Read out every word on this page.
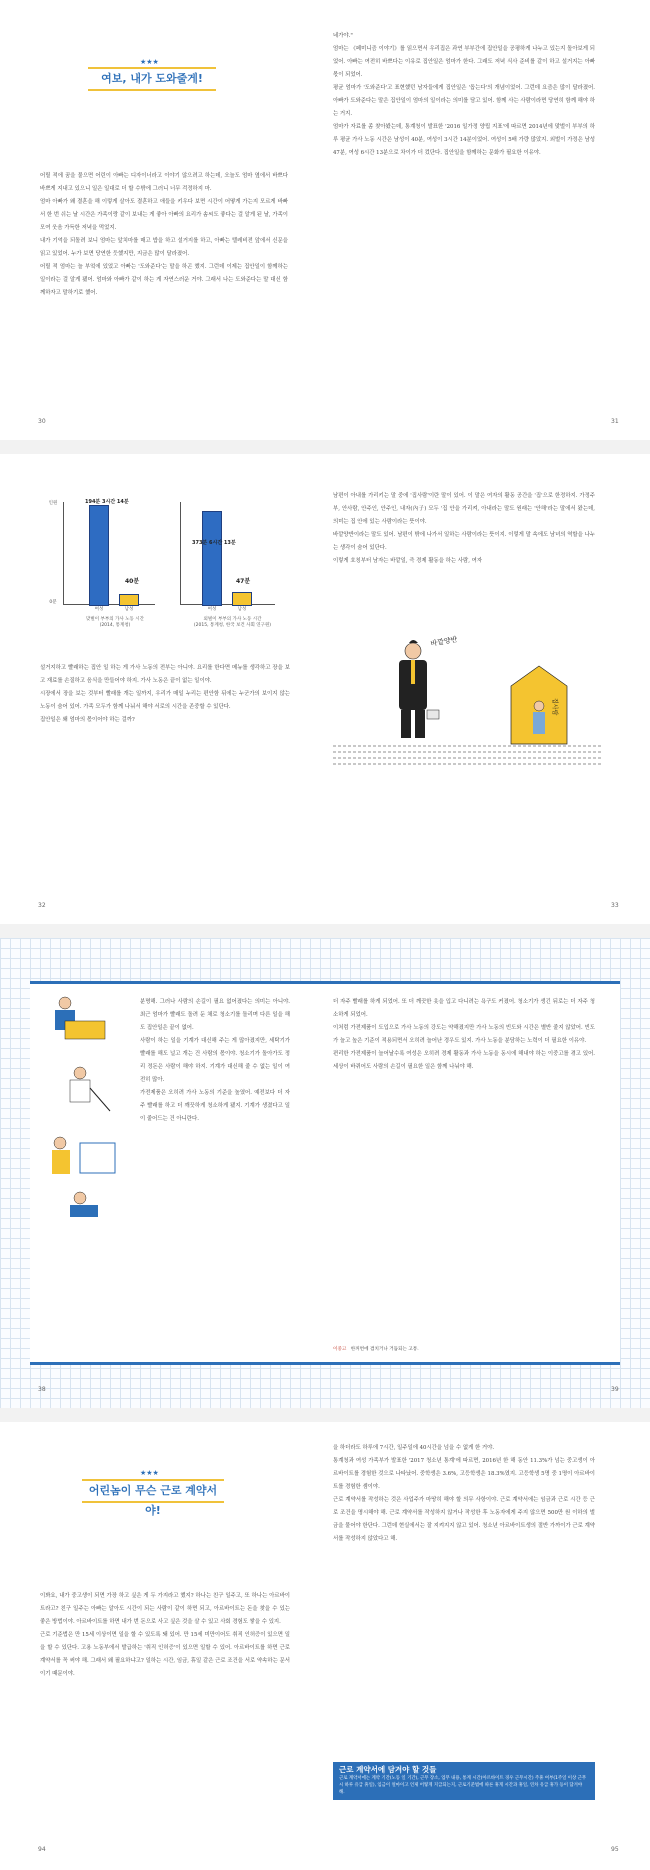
여보, 내가 도와줄게!
★★★
어릴 적에 꿈을 물으면 어린이 아빠는 디자이너라고 이야기 않으려고 하는데, 오늘도 엄마 옆에서 바쁘다 바쁘게 지내고 있으니 일은 일대로 더 할 수밖에 그러니 너무 걱정하지 마.
엄마 아빠가 왜 결혼을 해 이렇게 살아도 결혼하고 애들을 키우다 보면 시간이 어떻게 가는지 모르게 바빠서 한 번 쉬는 날 시간은 가족이랑 같이 보내는 게 좋아 아빠의 요리가 솜씨도 좋다는 걸 알게 된 날, 가족이 모여 웃음 가득한 저녁을 먹었지.
내가 기억을 되돌려 보니 엄마는 앞치마를 매고 밥을 하고 설거지를 하고, 아빠는 텔레비전 앞에서 신문을 읽고 있었어. 누가 보면 당연한 듯했지만, 지금은 많이 달라졌어.
어릴 적 엄마는 늘 부엌에 있었고 아빠는 '도와준다'는 말을 하곤 했지. 그런데 이제는 집안일이 함께하는 일이라는 걸 알게 됐어. 엄마와 아빠가 같이 하는 게 자연스러운 거야. 그래서 나는 도와준다는 말 대신 함께하자고 말하기로 했어.
30
네가야."
엄마는 《페미니즘 이야기》를 읽으면서 우리집은 과연 부부간에 집안일을 공평하게 나누고 있는지 돌아보게 되었어. 아빠는 여전히 바쁘다는 이유로 집안일은 엄마가 한다. 그래도 저녁 식사 준비를 같이 하고 설거지는 아빠 몫이 되었어.
평균 엄마가 '도와준다'고 표현했던 남자들에게 집안일은 '돕는다'의 개념이었어. 그런데 요즘은 많이 달라졌어. 아빠가 도와준다는 말은 집안일이 엄마의 일이라는 의미를 담고 있어. 함께 사는 사람이라면 당연히 함께 해야 하는 거지.
엄마가 자료를 좀 찾아봤는데, 통계청이 발표한 '2016 일가정 양립 지표'에 따르면 2014년에 맞벌이 부부의 하루 평균 가사 노동 시간은 남성이 40분, 여성이 3시간 14분이었어. 여성이 5배 가량 많았지. 외벌이 가정은 남성 47분, 여성 6시간 13분으로 차이가 더 컸단다. 집안일을 함께하는 문화가 필요한 이유야.
31
0분
인원	194분 3시간 14분
40분
여성	남성
맞벌이 부부의 가사 노동 시간
(2014, 통계청)
373분 6시간 13분
47분
여성	남성
외벌이 부부의 가사 노동 시간
(2015, 통계청, 한국 보건 사회 연구원)
설거지하고 빨래하는 집안 일 하는 게 가사 노동의 전부는 아니야. 요리를 한다면 메뉴를 생각하고 장을 보고 재료를 손질하고 음식을 만들어야 하지. 가사 노동은 끝이 없는 일이야.
시장에서 장을 보는 것부터 빨래를 개는 일까지, 우리가 매일 누리는 편안함 뒤에는 누군가의 보이지 않는 노동이 숨어 있어. 가족 모두가 함께 나눠서 해야 서로의 시간을 존중할 수 있단다.
집안일은 왜 엄마의 몫이어야 하는 걸까?
32
남편이 아내를 가리키는 말 중에 '집사람'이란 말이 있어. 이 말은 여자의 활동 공간을 '집'으로 한정하지. 가정주부, 안사람, 안주인, 안주인, 내자(內子) 모두 '집 안을 가리켜, 아내라는 말도 원래는 '안해'라는 말에서 왔는데, 의미는 집 안에 있는 사람이라는 뜻이야.
바깥양반이라는 말도 있어. 남편이 밖에 나가서 일하는 사람이라는 뜻이지. 이렇게 말 속에도 남녀의 역할을 나누는 생각이 숨어 있단다.
이렇게 호칭부터 남자는 바깥일, 즉 경제 활동을 하는 사람, 여자
바깥양반
집사람
33
분명해. 그러나 사람의 손길이 필요 없어졌다는 의미는 아니야. 최근 엄마가 빨래도 돌려 둔 채로 청소기를 돌리며 다른 일을 해도 집안일은 끝이 없어.
사람이 하는 일을 기계가 대신해 주는 게 많아졌지만, 세탁기가 빨래를 해도 널고 개는 건 사람의 몫이야. 청소기가 돌아가도 정리 정돈은 사람이 해야 하지. 기계가 대신해 줄 수 없는 일이 여전히 많아.
가전제품은 오히려 가사 노동의 기준을 높였어. 예전보다 더 자주 빨래를 하고 더 깨끗하게 청소하게 됐지. 기계가 생겼다고 일이 줄어드는 건 아니란다.
38
더 자주 빨래를 하게 되었어. 또 더 깨끗한 옷을 입고 다니려는 욕구도 커졌어. 청소기가 생긴 뒤로는 더 자주 청소하게 되었어.
이처럼 가전제품이 도입으로 가사 노동의 강도는 약해졌지만 가사 노동의 빈도와 시간은 별반 줄지 않았어. 빈도가 늘고 높은 기준이 적용되면서 오히려 늘어난 경우도 있지. 가사 노동을 분담하는 노력이 더 필요한 이유야.
편리한 가전제품이 늘어날수록 여성은 오히려 경제 활동과 가사 노동을 동시에 해내야 하는 이중고를 겪고 있어. 세상이 바뀌어도 사람의 손길이 필요한 일은 함께 나눠야 해.
이중고 한꺼번에 겹치거나 거듭되는 고통.
39
★★★
어린놈이 무슨 근로 계약서야!
이봐요, 내가 중고생이 되면 가장 하고 싶은 게 두 가지라고 했지? 하나는 친구 일주고, 또 하나는 아르바이트라고? 친구 일주는 아빠는 알아도 시간이 되는 사람이 같이 하면 되고, 아르바이트는 돈을 찾을 수 있는 좋은 방법이야. 아르바이트를 하면 내가 번 돈으로 사고 싶은 것을 살 수 있고 사회 경험도 쌓을 수 있지.
근로 기준법은 만 15세 이상이면 일을 할 수 있도록 돼 있어. 만 15세 미만이어도 취직 인허증이 있으면 일을 할 수 있단다. 고용 노동부에서 발급하는 '취직 인허증'이 있으면 일할 수 있어. 아르바이트를 하면 근로 계약서를 꼭 써야 해. 그래서 왜 필요하냐고? 일하는 시간, 임금, 휴일 같은 근로 조건을 서로 약속하는 문서이기 때문이야.
94
을 하더라도 하루에 7시간, 일주일에 40시간을 넘을 수 없게 한 거야.
통계청과 여성 가족부가 발표한 '2017 청소년 통계'에 따르면, 2016년 한 해 동안 11.3%가 넘는 중고생이 아르바이트를 경험한 것으로 나타났어. 중학생은 3.6%, 고등학생은 18.3%였지. 고등학생 5명 중 1명이 아르바이트를 경험한 셈이야.
근로 계약서를 작성하는 것은 사업주가 마땅히 해야 할 의무 사항이야. 근로 계약서에는 임금과 근로 시간 등 근로 조건을 명시해야 해. 근로 계약서를 작성하지 않거나 작성한 후 노동자에게 주지 않으면 500만 원 이하의 벌금을 물어야 한단다. 그런데 현실에서는 잘 지켜지지 않고 있어. 청소년 아르바이트생의 절반 가까이가 근로 계약서를 작성하지 않았다고 해.
근로 계약서에 담겨야 할 것들
근로 계약서에는 계약 기간(노동 일 기간), 근무 장소, 업무 내용, 통계 시간(아르바이트 경우 근무시간) 주휴 여부(1주일 이상 근무 시 하루 유급 휴일), 임금이 얼마이고 언제 어떻게 지급되는지, 근로기준법에 따른 휴게 시간과 휴일, 연차 유급 휴가 등이 담겨야 해.
95
